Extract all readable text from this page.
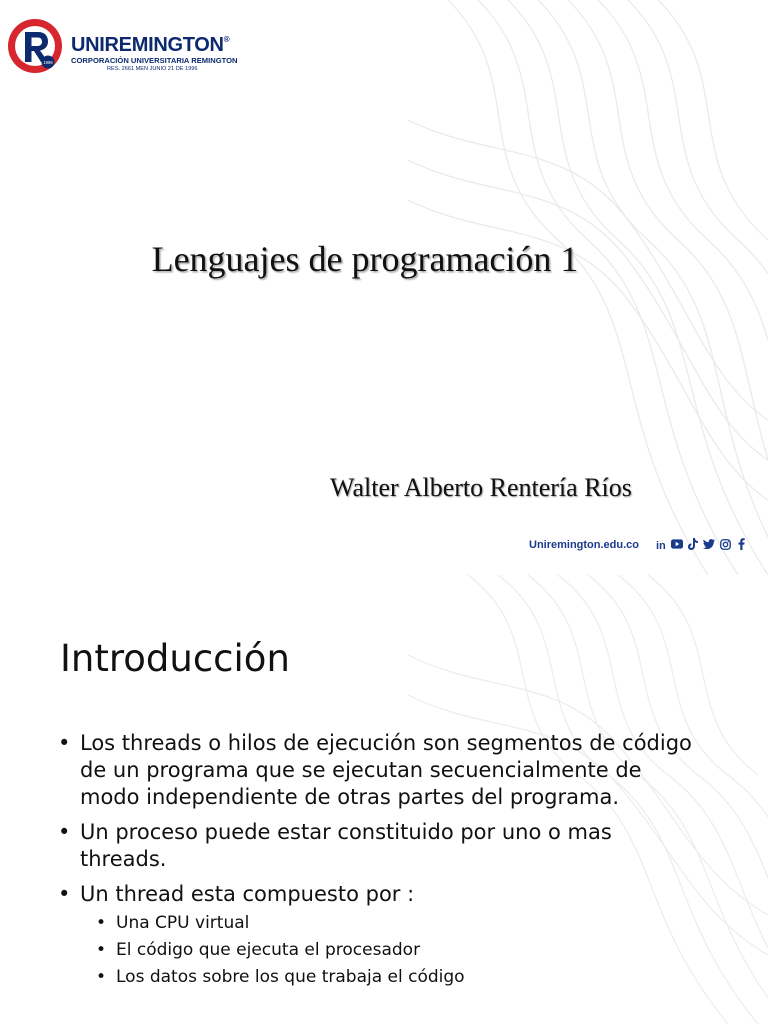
1996
UNIREMINGTON®
CORPORACIÓN UNIVERSITARIA REMINGTON
RES. 2661 MEN JUNIO 21 DE 1996
Lenguajes de programación 1
Walter Alberto Rentería Ríos
Uniremington.edu.co in
Introducción
• Los threads o hilos de ejecución son segmentos de código de un programa que se ejecutan secuencialmente de modo independiente de otras partes del programa.
• Un proceso puede estar constituido por uno o mas threads.
• Un thread esta compuesto por :
• Una CPU virtual
• El código que ejecuta el procesador
• Los datos sobre los que trabaja el código
